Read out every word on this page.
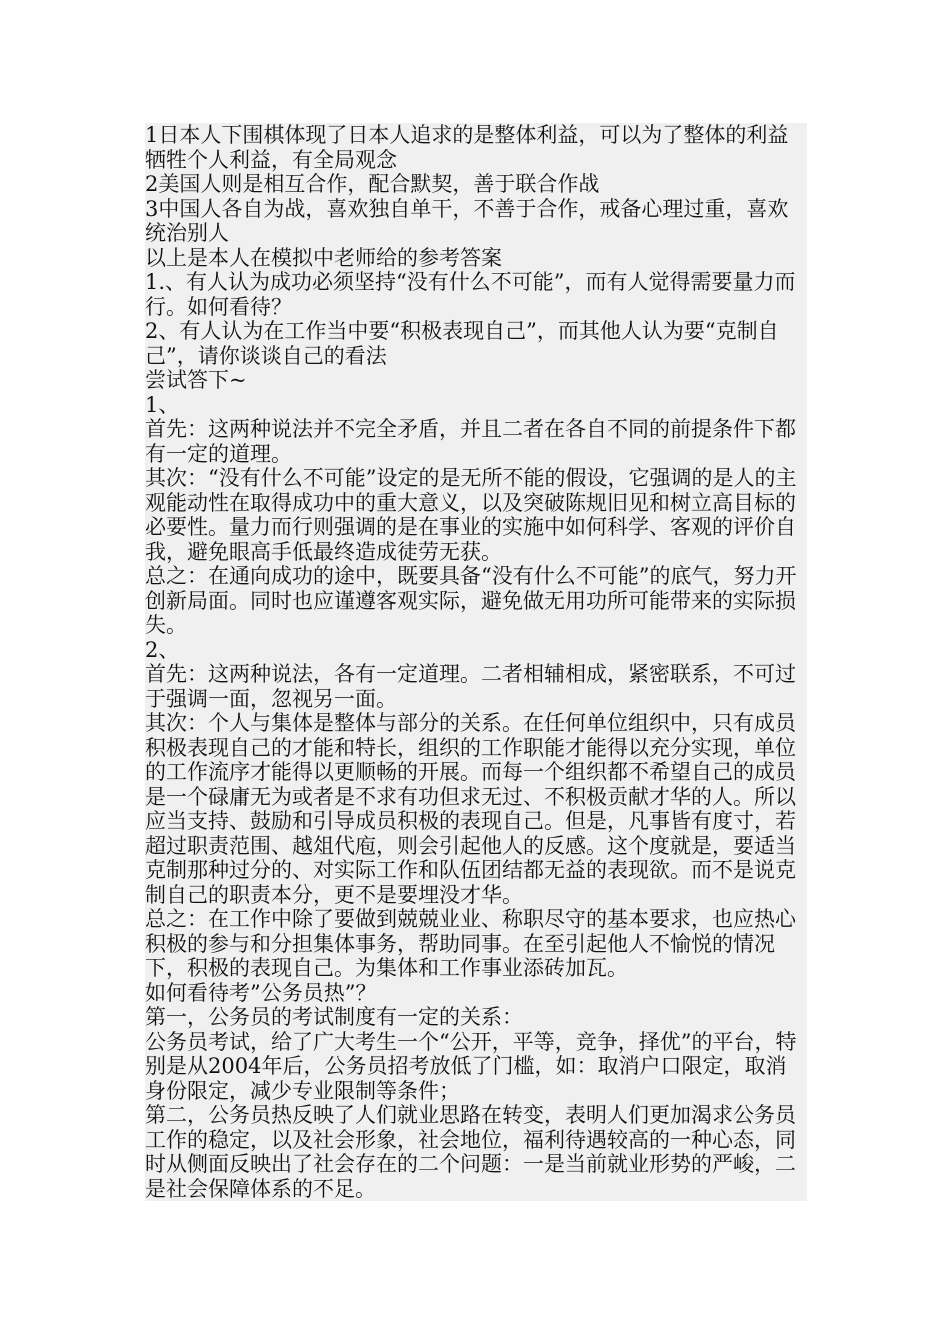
1日本人下围棋体现了日本人追求的是整体利益，可以为了整体的利益牺牲个人利益，有全局观念

2美国人则是相互合作，配合默契，善于联合作战

3中国人各自为战，喜欢独自单干，不善于合作，戒备心理过重，喜欢统治别人

以上是本人在模拟中老师给的参考答案

1.、有人认为成功必须坚持“没有什么不可能”，而有人觉得需要量力而行。如何看待？

2、有人认为在工作当中要“积极表现自己”，而其他人认为要“克制自己”，请你谈谈自己的看法

尝试答下~

1、

首先：这两种说法并不完全矛盾，并且二者在各自不同的前提条件下都有一定的道理。

其次：“没有什么不可能”设定的是无所不能的假设，它强调的是人的主观能动性在取得成功中的重大意义，以及突破陈规旧见和树立高目标的必要性。量力而行则强调的是在事业的实施中如何科学、客观的评价自我，避免眼高手低最终造成徒劳无获。

总之：在通向成功的途中，既要具备“没有什么不可能”的底气，努力开创新局面。同时也应谨遵客观实际，避免做无用功所可能带来的实际损失。

2、

首先：这两种说法，各有一定道理。二者相辅相成，紧密联系，不可过于强调一面，忽视另一面。

其次：个人与集体是整体与部分的关系。在任何单位组织中，只有成员积极表现自己的才能和特长，组织的工作职能才能得以充分实现，单位的工作流序才能得以更顺畅的开展。而每一个组织都不希望自己的成员是一个碌庸无为或者是不求有功但求无过、不积极贡献才华的人。所以应当支持、鼓励和引导成员积极的表现自己。但是，凡事皆有度寸，若超过职责范围、越俎代庖，则会引起他人的反感。这个度就是，要适当克制那种过分的、对实际工作和队伍团结都无益的表现欲。而不是说克制自己的职责本分，更不是要埋没才华。

总之：在工作中除了要做到兢兢业业、称职尽守的基本要求，也应热心积极的参与和分担集体事务，帮助同事。在至引起他人不愉悦的情况下，积极的表现自己。为集体和工作事业添砖加瓦。

如何看待考”公务员热”？

第一，公务员的考试制度有一定的关系：

公务员考试，给了广大考生一个“公开，平等，竞争，择优”的平台，特别是从2004年后，公务员招考放低了门槛，如：取消户口限定，取消身份限定，减少专业限制等条件；

第二，公务员热反映了人们就业思路在转变，表明人们更加渴求公务员工作的稳定，以及社会形象，社会地位，福利待遇较高的一种心态，同时从侧面反映出了社会存在的二个问题：一是当前就业形势的严峻，二是社会保障体系的不足。
